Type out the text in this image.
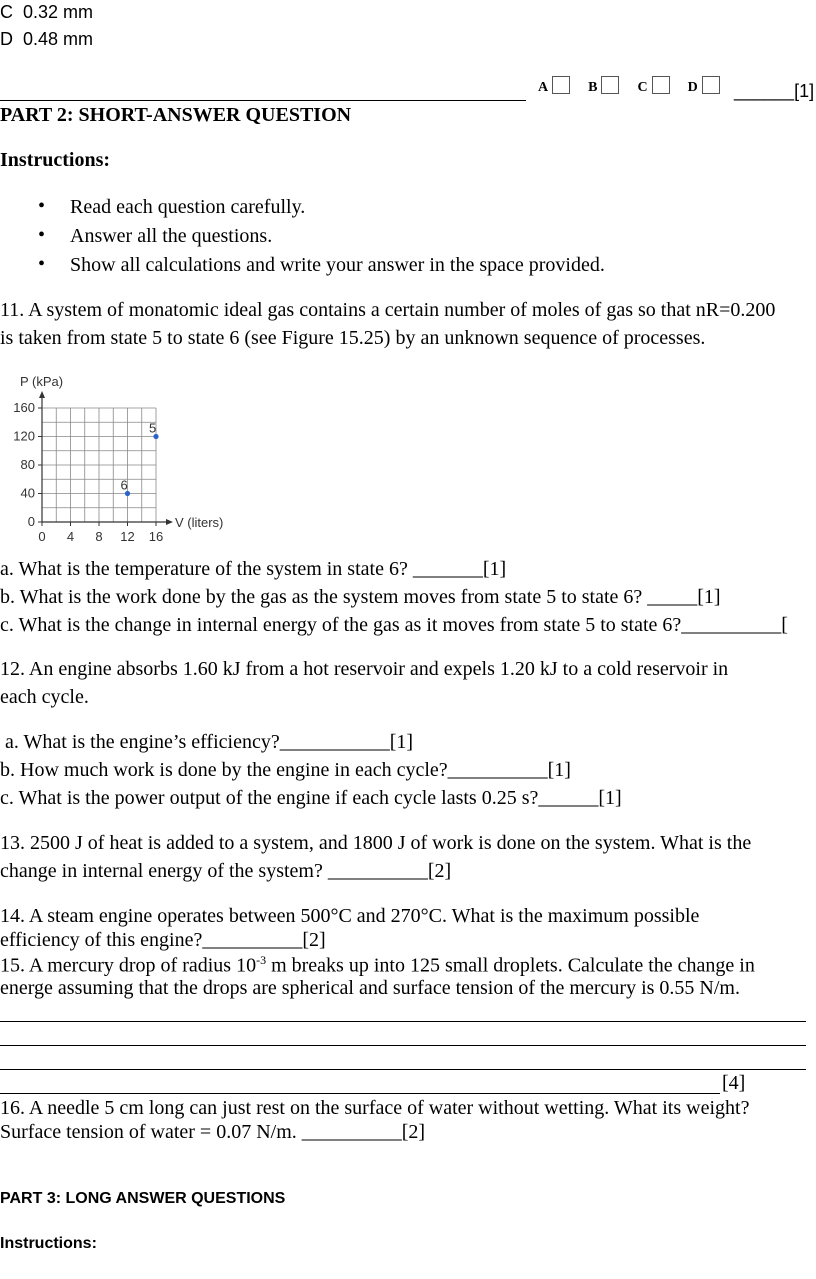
C 0.32 mm
D 0.48 mm
A	B	C	D	______[1]
PART 2: SHORT-ANSWER QUESTION
Instructions:
• Read each question carefully.
• Answer all the questions.
• Show all calculations and write your answer in the space provided.
11. A system of monatomic ideal gas contains a certain number of moles of gas so that nR=0.200
is taken from state 5 to state 6 (see Figure 15.25) by an unknown sequence of processes.
P (kPa)
160
120
80
40
0
0 4 8 12 16
V (liters)
5
6
a. What is the temperature of the system in state 6? _______[1]
b. What is the work done by the gas as the system moves from state 5 to state 6? _____[1]
c. What is the change in internal energy of the gas as it moves from state 5 to state 6?__________[
12. An engine absorbs 1.60 kJ from a hot reservoir and expels 1.20 kJ to a cold reservoir in
each cycle.
a. What is the engine’s efficiency?___________[1]
b. How much work is done by the engine in each cycle?__________[1]
c. What is the power output of the engine if each cycle lasts 0.25 s?______[1]
13. 2500 J of heat is added to a system, and 1800 J of work is done on the system. What is the
change in internal energy of the system? __________[2]
14. A steam engine operates between 500°C and 270°C. What is the maximum possible
efficiency of this engine?__________[2]
15. A mercury drop of radius $10^{-3}$ m breaks up into 125 small droplets. Calculate the change in
energe assuming that the drops are spherical and surface tension of the mercury is 0.55 N/m.
[4]
16. A needle 5 cm long can just rest on the surface of water without wetting. What its weight?
Surface tension of water = 0.07 N/m. __________[2]
PART 3: LONG ANSWER QUESTIONS
Instructions:
